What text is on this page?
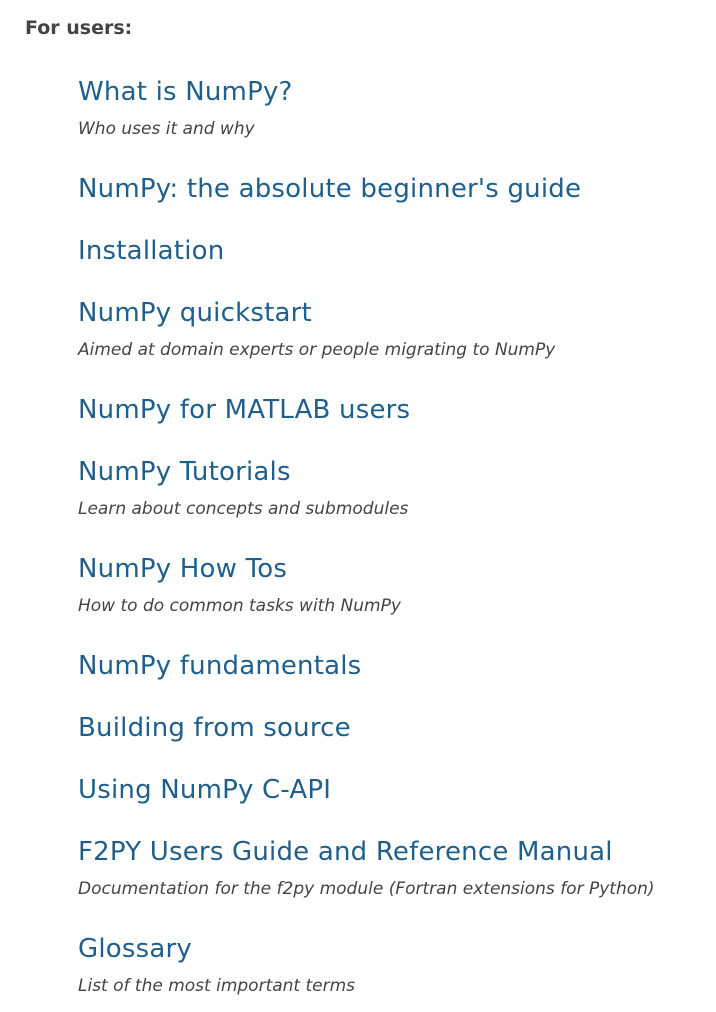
For users:
What is NumPy?
Who uses it and why
NumPy: the absolute beginner's guide
Installation
NumPy quickstart
Aimed at domain experts or people migrating to NumPy
NumPy for MATLAB users
NumPy Tutorials
Learn about concepts and submodules
NumPy How Tos
How to do common tasks with NumPy
NumPy fundamentals
Building from source
Using NumPy C-API
F2PY Users Guide and Reference Manual
Documentation for the f2py module (Fortran extensions for Python)
Glossary
List of the most important terms
